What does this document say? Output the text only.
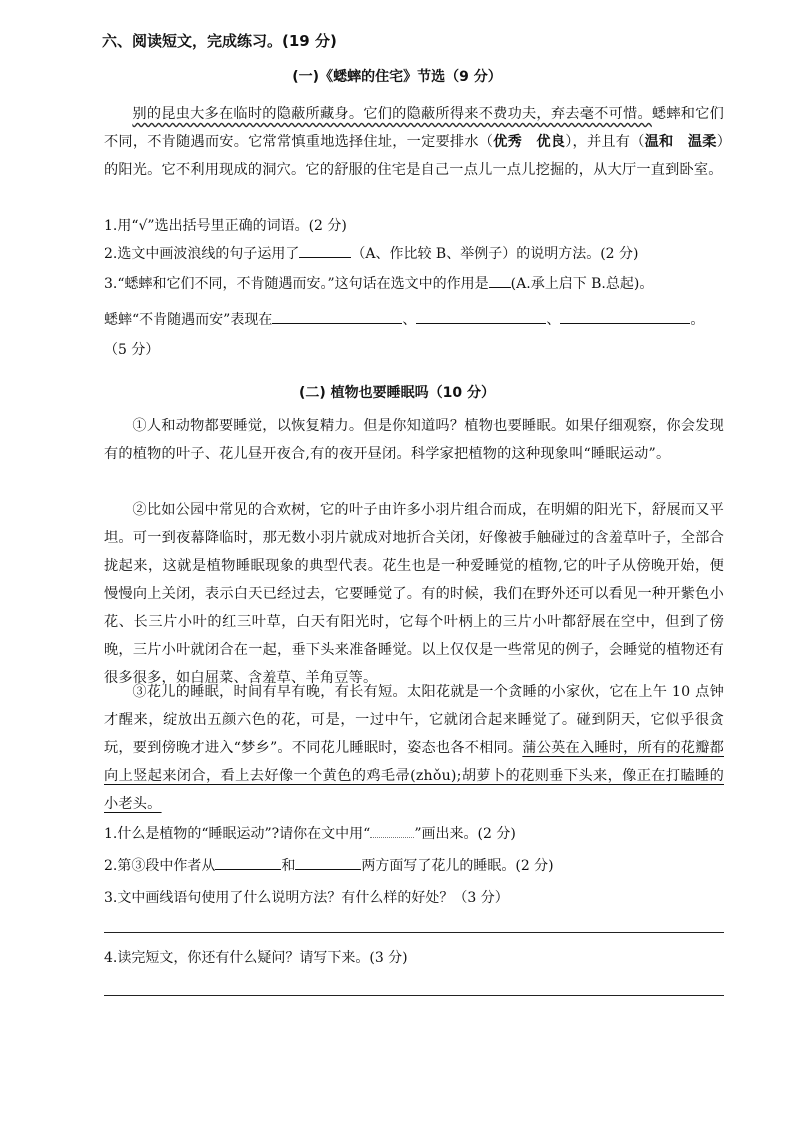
六、阅读短文，完成练习。(19 分)
(一)《蟋蟀的住宅》节选（9 分）
别的昆虫大多在临时的隐蔽所藏身。它们的隐蔽所得来不费功夫，弃去毫不可惜。蟋蟀和它们不同，不肯随遇而安。它常常慎重地选择住址，一定要排水（优秀　优良），并且有（温和　温柔）的阳光。它不利用现成的洞穴。它的舒服的住宅是自己一点儿一点儿挖掘的，从大厅一直到卧室。
1.用“√”选出括号里正确的词语。(2 分)
2.选文中画波浪线的句子运用了	（A、作比较 B、举例子）的说明方法。(2 分)
3.“蟋蟀和它们不同，不肯随遇而安。”这句话在选文中的作用是 (A.承上启下 B.总起)。
蟋蟀“不肯随遇而安”表现在	、	、	。
（5 分）
(二) 植物也要睡眠吗（10 分）
①人和动物都要睡觉，以恢复精力。但是你知道吗？植物也要睡眠。如果仔细观察，你会发现有的植物的叶子、花儿昼开夜合,有的夜开昼闭。科学家把植物的这种现象叫“睡眠运动”。
②比如公园中常见的合欢树，它的叶子由许多小羽片组合而成，在明媚的阳光下，舒展而又平坦。可一到夜幕降临时，那无数小羽片就成对地折合关闭，好像被手触碰过的含羞草叶子，全部合拢起来，这就是植物睡眠现象的典型代表。花生也是一种爱睡觉的植物,它的叶子从傍晚开始，便慢慢向上关闭，表示白天已经过去，它要睡觉了。有的时候，我们在野外还可以看见一种开紫色小花、长三片小叶的红三叶草，白天有阳光时，它每个叶柄上的三片小叶都舒展在空中，但到了傍晚，三片小叶就闭合在一起，垂下头来准备睡觉。以上仅仅是一些常见的例子，会睡觉的植物还有很多很多，如白屈菜、含羞草、羊角豆等。
③花儿的睡眠，时间有早有晚，有长有短。太阳花就是一个贪睡的小家伙，它在上午 10 点钟才醒来，绽放出五颜六色的花，可是，一过中午，它就闭合起来睡觉了。碰到阴天，它似乎很贪玩，要到傍晚才进入“梦乡”。不同花儿睡眠时，姿态也各不相同。蒲公英在入睡时，所有的花瓣都向上竖起来闭合，看上去好像一个黄色的鸡毛帚(zhǒu);胡萝卜的花则垂下头来，像正在打瞌睡的小老头。
1.什么是植物的“睡眠运动”?请你在文中用“	”画出来。(2 分)
2.第③段中作者从	和	两方面写了花儿的睡眠。(2 分)
3.文中画线语句使用了什么说明方法？有什么样的好处？（3 分）
4.读完短文，你还有什么疑问？请写下来。(3 分)
